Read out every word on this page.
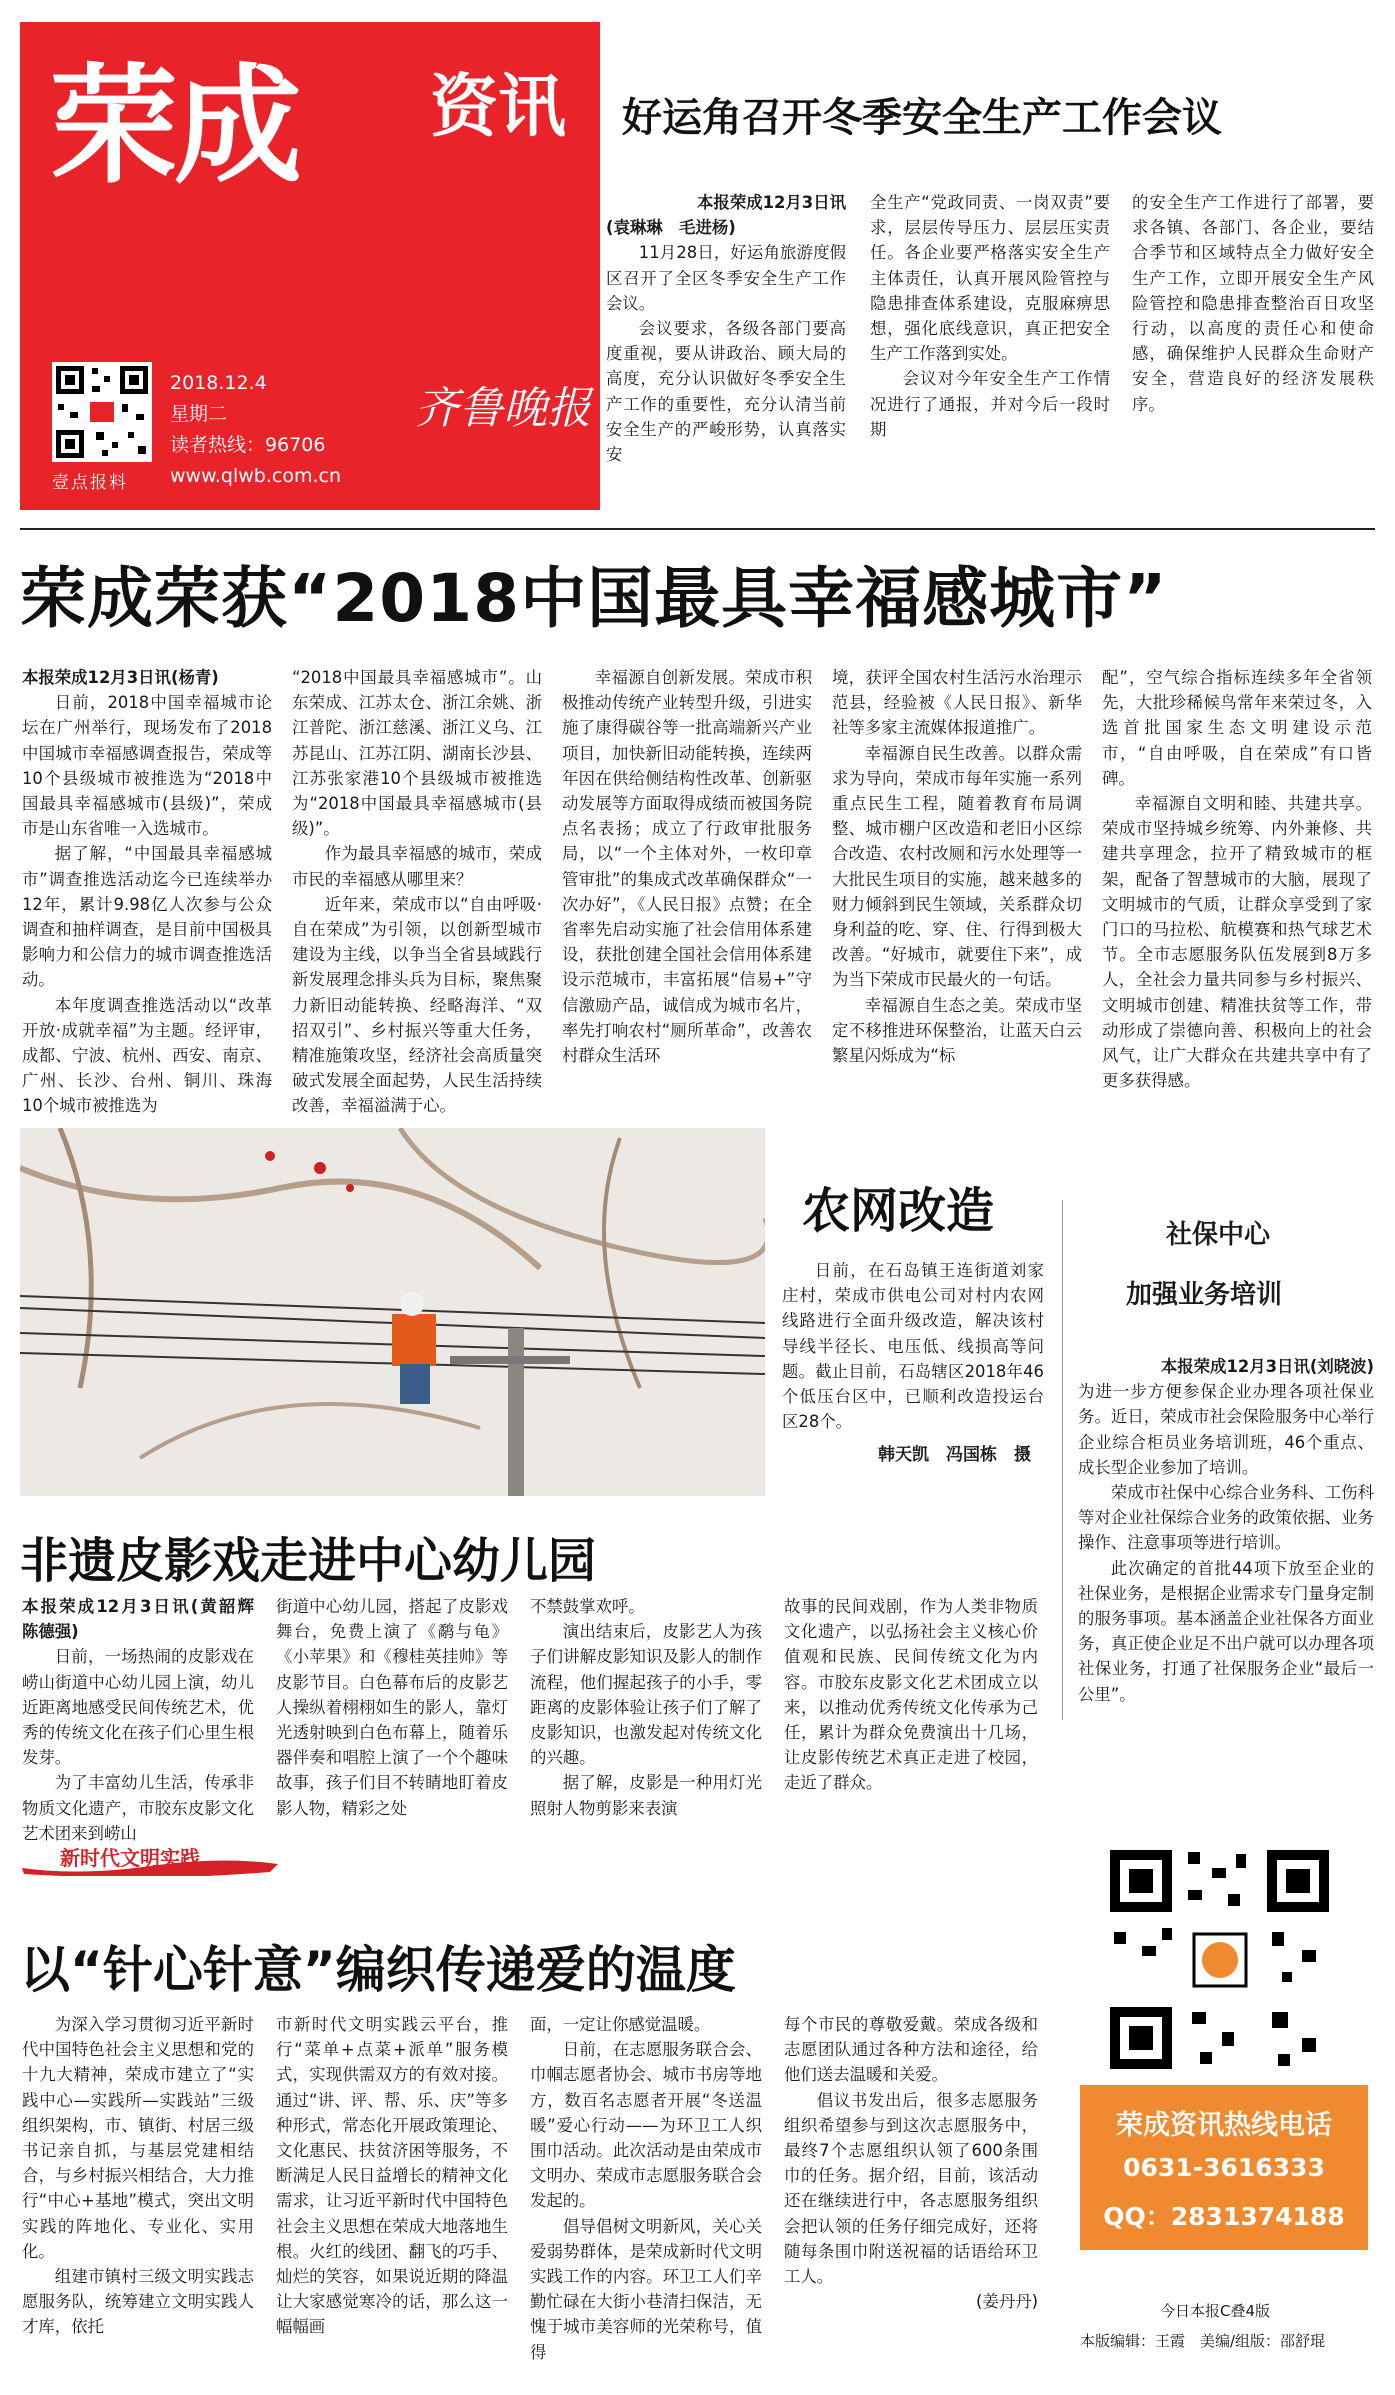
荣成 资讯
壹点报料
2018.12.4
星期二
读者热线：96706
www.qlwb.com.cn
齐鲁晚报
好运角召开冬季安全生产工作会议

本报荣成12月3日讯

(袁琳琳　毛进杨)

11月28日，好运角旅游度假区召开了全区冬季安全生产工作会议。

会议要求，各级各部门要高度重视，要从讲政治、顾大局的高度，充分认识做好冬季安全生产工作的重要性，充分认清当前安全生产的严峻形势，认真落实安

全生产“党政同责、一岗双责”要求，层层传导压力、层层压实责任。各企业要严格落实安全生产主体责任，认真开展风险管控与隐患排查体系建设，克服麻痹思想，强化底线意识，真正把安全生产工作落到实处。

会议对今年安全生产工作情况进行了通报，并对今后一段时期

的安全生产工作进行了部署，要求各镇、各部门、各企业，要结合季节和区域特点全力做好安全生产工作，立即开展安全生产风险管控和隐患排查整治百日攻坚行动，以高度的责任心和使命感，确保维护人民群众生命财产安全，营造良好的经济发展秩序。

荣成荣获“2018中国最具幸福感城市”

本报荣成12月3日讯(杨青)

日前，2018中国幸福城市论坛在广州举行，现场发布了2018中国城市幸福感调查报告，荣成等10个县级城市被推选为“2018中国最具幸福感城市(县级)”，荣成市是山东省唯一入选城市。

据了解，“中国最具幸福感城市”调查推选活动迄今已连续举办12年，累计9.98亿人次参与公众调查和抽样调查，是目前中国极具影响力和公信力的城市调查推选活动。

本年度调查推选活动以“改革开放·成就幸福”为主题。经评审，成都、宁波、杭州、西安、南京、广州、长沙、台州、铜川、珠海10个城市被推选为

“2018中国最具幸福感城市”。山东荣成、江苏太仓、浙江余姚、浙江普陀、浙江慈溪、浙江义乌、江苏昆山、江苏江阴、湖南长沙县、江苏张家港10个县级城市被推选为“2018中国最具幸福感城市(县级)”。

作为最具幸福感的城市，荣成市民的幸福感从哪里来？

近年来，荣成市以“自由呼吸·自在荣成”为引领，以创新型城市建设为主线，以争当全省县域践行新发展理念排头兵为目标，聚焦聚力新旧动能转换、经略海洋、“双招双引”、乡村振兴等重大任务，精准施策攻坚，经济社会高质量突破式发展全面起势，人民生活持续改善，幸福溢满于心。

幸福源自创新发展。荣成市积极推动传统产业转型升级，引进实施了康得碳谷等一批高端新兴产业项目，加快新旧动能转换，连续两年因在供给侧结构性改革、创新驱动发展等方面取得成绩而被国务院点名表扬；成立了行政审批服务局，以“一个主体对外，一枚印章管审批”的集成式改革确保群众“一次办好”，《人民日报》点赞；在全省率先启动实施了社会信用体系建设，获批创建全国社会信用体系建设示范城市，丰富拓展“信易+”守信激励产品，诚信成为城市名片，率先打响农村“厕所革命”，改善农村群众生活环

境，获评全国农村生活污水治理示范县，经验被《人民日报》、新华社等多家主流媒体报道推广。

幸福源自民生改善。以群众需求为导向，荣成市每年实施一系列重点民生工程，随着教育布局调整、城市棚户区改造和老旧小区综合改造、农村改厕和污水处理等一大批民生项目的实施，越来越多的财力倾斜到民生领域，关系群众切身利益的吃、穿、住、行得到极大改善。“好城市，就要住下来”，成为当下荣成市民最火的一句话。

幸福源自生态之美。荣成市坚定不移推进环保整治，让蓝天白云繁星闪烁成为“标

配”，空气综合指标连续多年全省领先，大批珍稀候鸟常年来荣过冬，入选首批国家生态文明建设示范市，“自由呼吸，自在荣成”有口皆碑。

幸福源自文明和睦、共建共享。荣成市坚持城乡统筹、内外兼修、共建共享理念，拉开了精致城市的框架，配备了智慧城市的大脑，展现了文明城市的气质，让群众享受到了家门口的马拉松、航模赛和热气球艺术节。全市志愿服务队伍发展到8万多人，全社会力量共同参与乡村振兴、文明城市创建、精准扶贫等工作，带动形成了崇德向善、积极向上的社会风气，让广大群众在共建共享中有了更多获得感。

农网改造

日前，在石岛镇王连街道刘家庄村，荣成市供电公司对村内农网线路进行全面升级改造，解决该村导线半径长、电压低、线损高等问题。截止目前，石岛辖区2018年46个低压台区中，已顺利改造投运台区28个。

韩天凯　冯国栋　摄
社保中心
加强业务培训

本报荣成12月3日讯(刘晓波)

为进一步方便参保企业办理各项社保业务。近日，荣成市社会保险服务中心举行企业综合柜员业务培训班，46个重点、成长型企业参加了培训。

荣成市社保中心综合业务科、工伤科等对企业社保综合业务的政策依据、业务操作、注意事项等进行培训。

此次确定的首批44项下放至企业的社保业务，是根据企业需求专门量身定制的服务事项。基本涵盖企业社保各方面业务，真正使企业足不出户就可以办理各项社保业务，打通了社保服务企业“最后一公里”。

非遗皮影戏走进中心幼儿园

本报荣成12月3日讯(黄韶辉　陈德强)

日前，一场热闹的皮影戏在崂山街道中心幼儿园上演，幼儿近距离地感受民间传统艺术，优秀的传统文化在孩子们心里生根发芽。

为了丰富幼儿生活，传承非物质文化遗产，市胶东皮影文化艺术团来到崂山

街道中心幼儿园，搭起了皮影戏舞台，免费上演了《鹬与龟》《小苹果》和《穆桂英挂帅》等皮影节目。白色幕布后的皮影艺人操纵着栩栩如生的影人，靠灯光透射映到白色布幕上，随着乐器伴奏和唱腔上演了一个个趣味故事，孩子们目不转睛地盯着皮影人物，精彩之处

不禁鼓掌欢呼。

演出结束后，皮影艺人为孩子们讲解皮影知识及影人的制作流程，他们握起孩子的小手，零距离的皮影体验让孩子们了解了皮影知识，也激发起对传统文化的兴趣。

据了解，皮影是一种用灯光照射人物剪影来表演

故事的民间戏剧，作为人类非物质文化遗产，以弘扬社会主义核心价值观和民族、民间传统文化为内容。市胶东皮影文化艺术团成立以来，以推动优秀传统文化传承为己任，累计为群众免费演出十几场，让皮影传统艺术真正走进了校园，走近了群众。

新时代文明实践
以“针心针意”编织传递爱的温度

为深入学习贯彻习近平新时代中国特色社会主义思想和党的十九大精神，荣成市建立了“实践中心—实践所—实践站”三级组织架构，市、镇街、村居三级书记亲自抓，与基层党建相结合，与乡村振兴相结合，大力推行“中心+基地”模式，突出文明实践的阵地化、专业化、实用化。

组建市镇村三级文明实践志愿服务队，统筹建立文明实践人才库，依托

市新时代文明实践云平台，推行“菜单+点菜+派单”服务模式，实现供需双方的有效对接。通过“讲、评、帮、乐、庆”等多种形式，常态化开展政策理论、文化惠民、扶贫济困等服务，不断满足人民日益增长的精神文化需求，让习近平新时代中国特色社会主义思想在荣成大地落地生根。火红的线团、翻飞的巧手、灿烂的笑容，如果说近期的降温让大家感觉寒冷的话，那么这一幅幅画

面，一定让你感觉温暖。

日前，在志愿服务联合会、巾帼志愿者协会、城市书房等地方，数百名志愿者开展“冬送温暖”爱心行动——为环卫工人织围巾活动。此次活动是由荣成市文明办、荣成市志愿服务联合会发起的。

倡导倡树文明新风，关心关爱弱势群体，是荣成新时代文明实践工作的内容。环卫工人们辛勤忙碌在大街小巷清扫保洁，无愧于城市美容师的光荣称号，值得

每个市民的尊敬爱戴。荣成各级和志愿团队通过各种方法和途径，给他们送去温暖和关爱。

倡议书发出后，很多志愿服务组织希望参与到这次志愿服务中，最终7个志愿组织认领了600条围巾的任务。据介绍，目前，该活动还在继续进行中，各志愿服务组织会把认领的任务仔细完成好，还将随每条围巾附送祝福的话语给环卫工人。

(姜丹丹)

荣成资讯热线电话
0631-3616333
QQ：2831374188
今日本报C叠4版
本版编辑：王霞　美编/组版：邵舒琨
